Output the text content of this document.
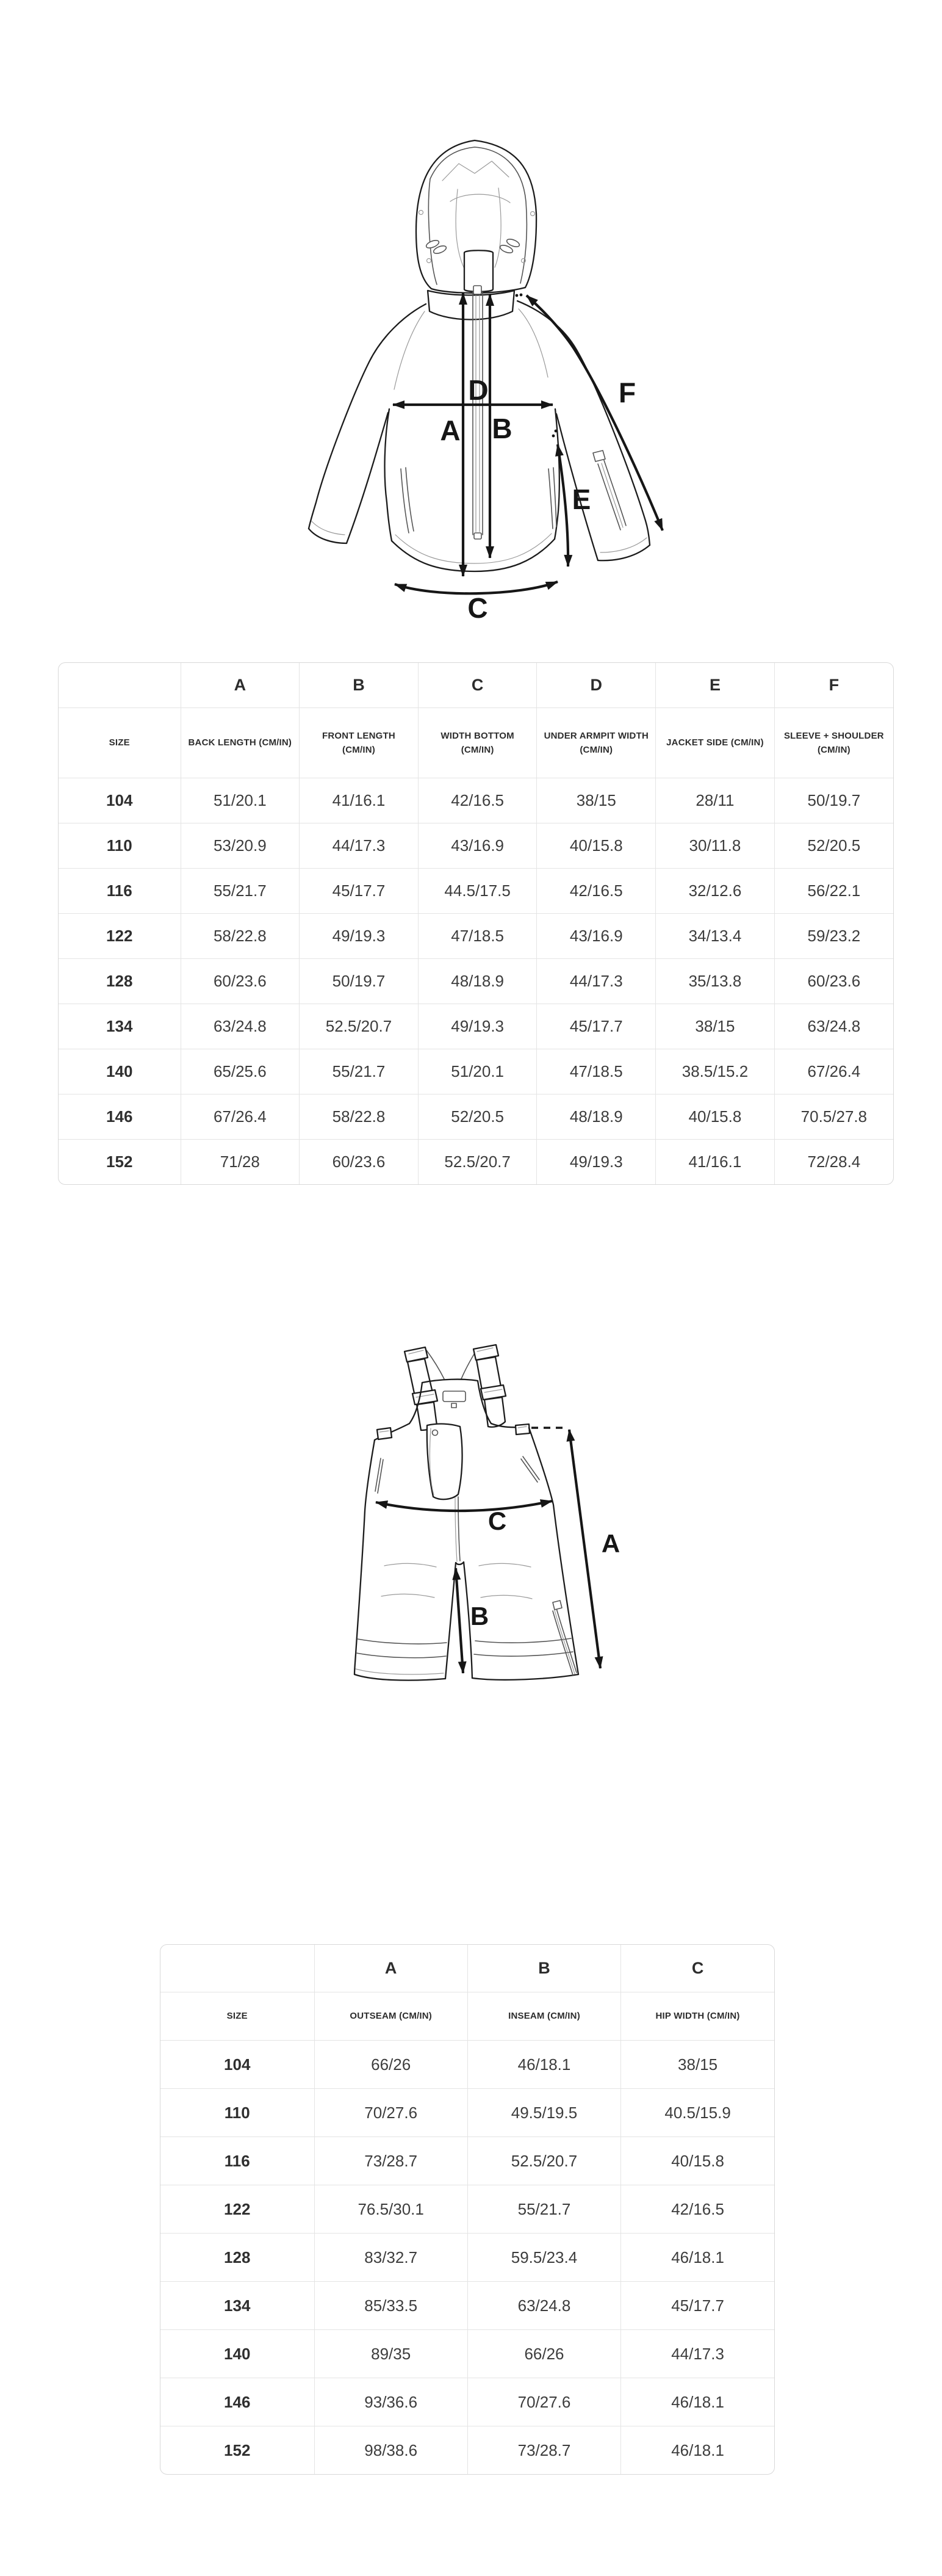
A B
C
D
E
F
	A	B	C	D	E	F
SIZE	BACK LENGTH (CM/IN)	FRONT LENGTH (CM/IN)	WIDTH BOTTOM (CM/IN)	UNDER ARMPIT WIDTH (CM/IN)	JACKET SIDE (CM/IN)	SLEEVE + SHOULDER (CM/IN)
104	51/20.1	41/16.1	42/16.5	38/15	28/11	50/19.7
110	53/20.9	44/17.3	43/16.9	40/15.8	30/11.8	52/20.5
116	55/21.7	45/17.7	44.5/17.5	42/16.5	32/12.6	56/22.1
122	58/22.8	49/19.3	47/18.5	43/16.9	34/13.4	59/23.2
128	60/23.6	50/19.7	48/18.9	44/17.3	35/13.8	60/23.6
134	63/24.8	52.5/20.7	49/19.3	45/17.7	38/15	63/24.8
140	65/25.6	55/21.7	51/20.1	47/18.5	38.5/15.2	67/26.4
146	67/26.4	58/22.8	52/20.5	48/18.9	40/15.8	70.5/27.8
152	71/28	60/23.6	52.5/20.7	49/19.3	41/16.1	72/28.4
A
B
C
	A	B	C
SIZE	OUTSEAM (CM/IN)	INSEAM (CM/IN)	HIP WIDTH (CM/IN)
104	66/26	46/18.1	38/15
110	70/27.6	49.5/19.5	40.5/15.9
116	73/28.7	52.5/20.7	40/15.8
122	76.5/30.1	55/21.7	42/16.5
128	83/32.7	59.5/23.4	46/18.1
134	85/33.5	63/24.8	45/17.7
140	89/35	66/26	44/17.3
146	93/36.6	70/27.6	46/18.1
152	98/38.6	73/28.7	46/18.1
